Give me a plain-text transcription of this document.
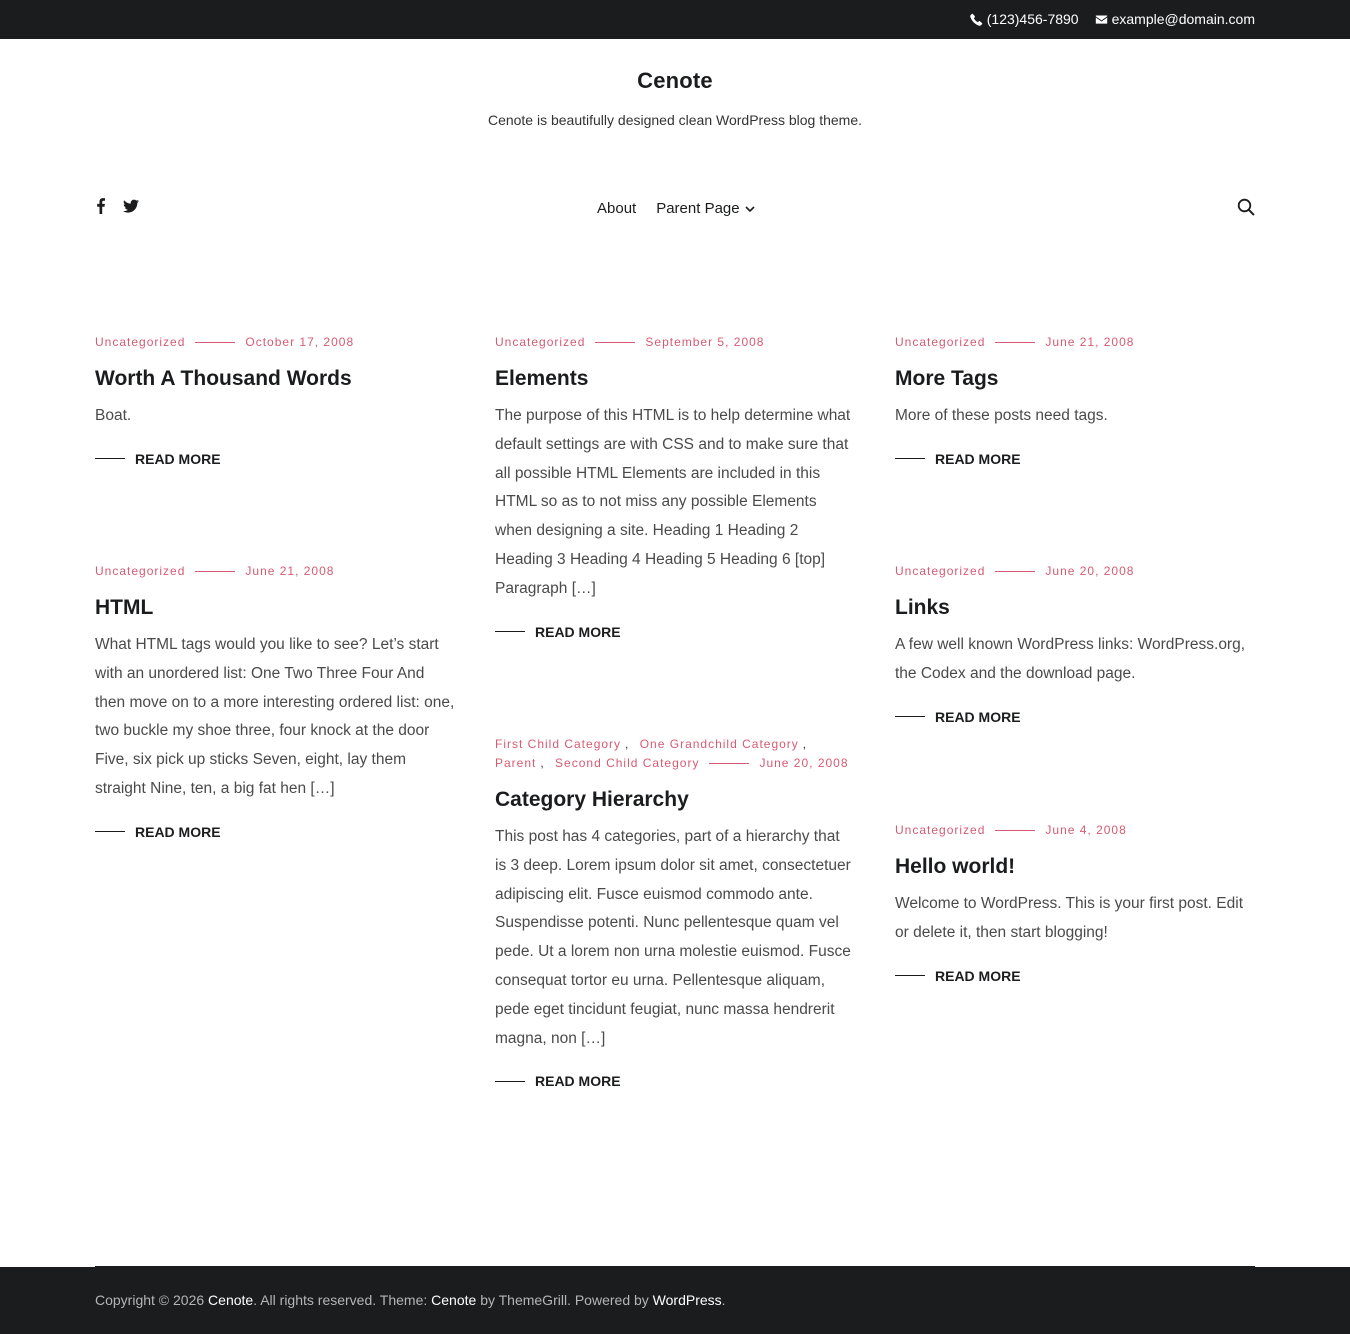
(123)456-7890 example@domain.com
Cenote
Cenote is beautifully designed clean WordPress blog theme.
About Parent Page
Uncategorized	October 17, 2008
Worth A Thousand Words
Boat.
READ MORE
Uncategorized	June 21, 2008
HTML
What HTML tags would you like to see? Let’s start with an unordered list: One Two Three Four And then move on to a more interesting ordered list: one, two buckle my shoe three, four knock at the door Five, six pick up sticks Seven, eight, lay them straight Nine, ten, a big fat hen […]
READ MORE
Uncategorized	September 5, 2008
Elements
The purpose of this HTML is to help determine what default settings are with CSS and to make sure that all possible HTML Elements are included in this HTML so as to not miss any possible Elements when designing a site. Heading 1 Heading 2 Heading 3 Heading 4 Heading 5 Heading 6 [top] Paragraph […]
READ MORE
First Child Category , One Grandchild Category ,
Parent , Second Child Category	June 20, 2008
Category Hierarchy
This post has 4 categories, part of a hierarchy that is 3 deep. Lorem ipsum dolor sit amet, consectetuer adipiscing elit. Fusce euismod commodo ante. Suspendisse potenti. Nunc pellentesque quam vel pede. Ut a lorem non urna molestie euismod. Fusce consequat tortor eu urna. Pellentesque aliquam, pede eget tincidunt feugiat, nunc massa hendrerit magna, non […]
READ MORE
Uncategorized	June 21, 2008
More Tags
More of these posts need tags.
READ MORE
Uncategorized	June 20, 2008
Links
A few well known WordPress links: WordPress.org, the Codex and the download page.
READ MORE
Uncategorized	June 4, 2008
Hello world!
Welcome to WordPress. This is your first post. Edit or delete it, then start blogging!
READ MORE
Copyright © 2026 Cenote. All rights reserved. Theme: Cenote by ThemeGrill. Powered by WordPress.
